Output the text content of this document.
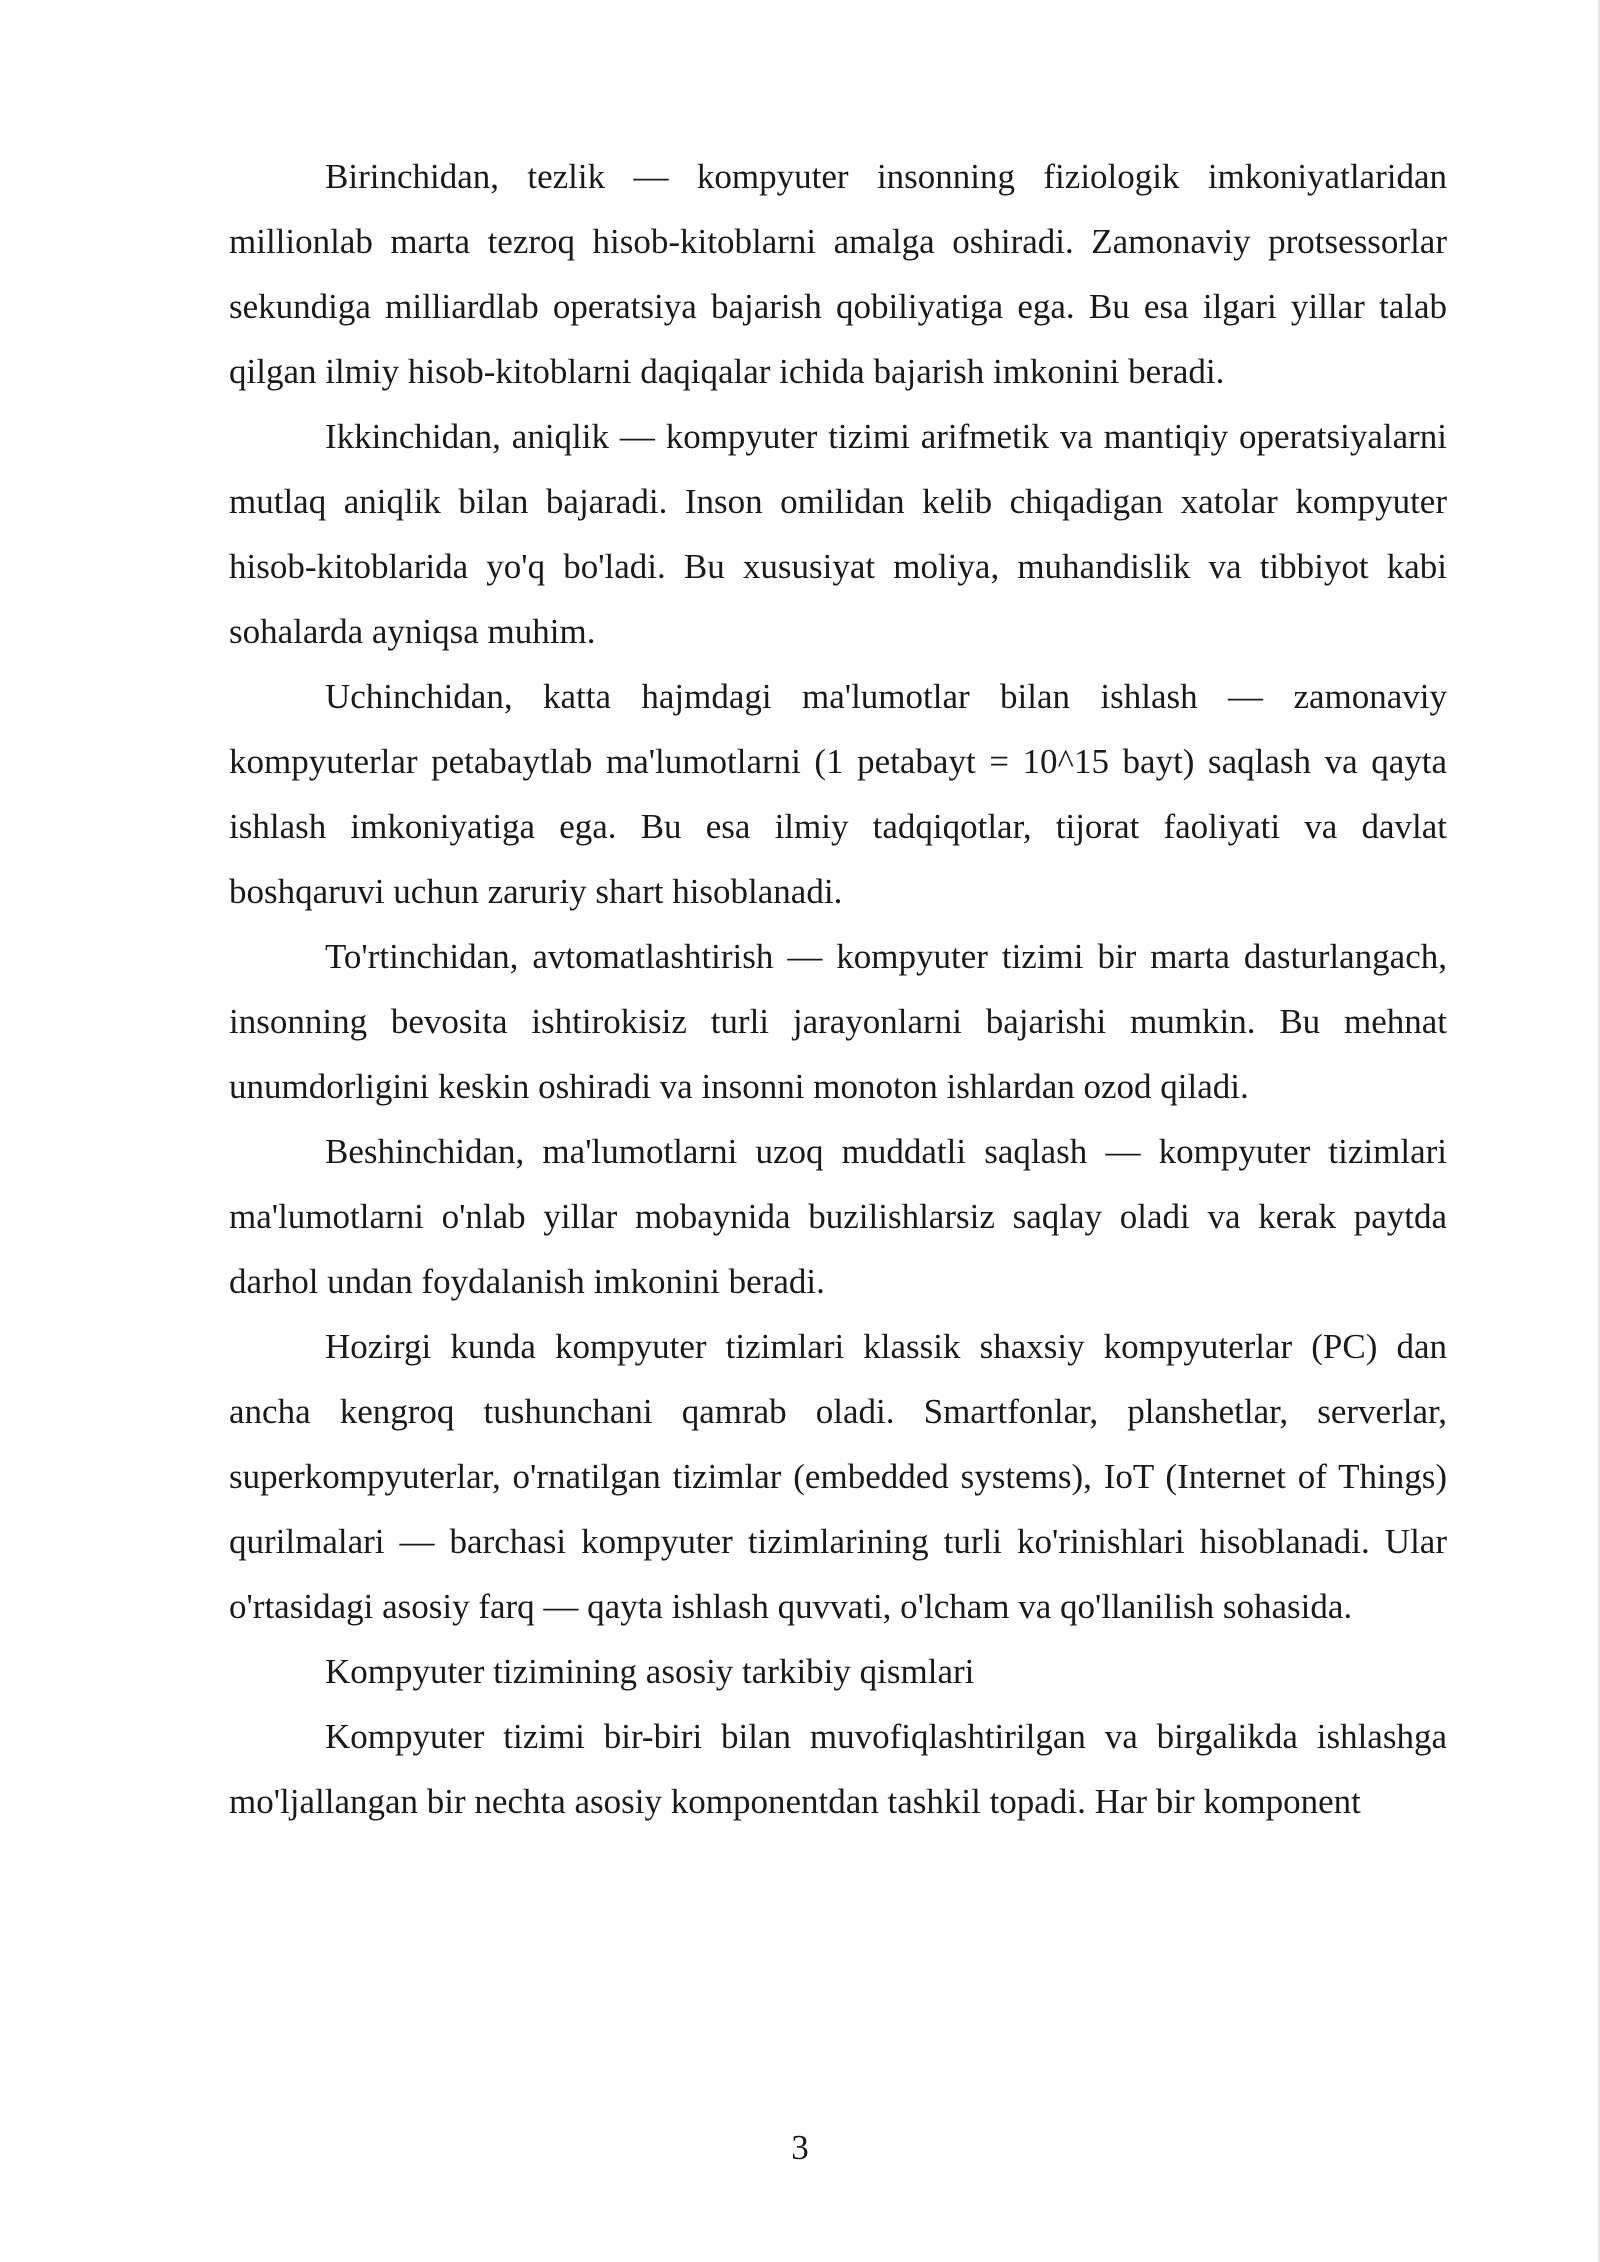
Birinchidan, tezlik — kompyuter insonning fiziologik imkoniyatlaridan millionlab marta tezroq hisob-kitoblarni amalga oshiradi. Zamonaviy protsessorlar sekundiga milliardlab operatsiya bajarish qobiliyatiga ega. Bu esa ilgari yillar talab qilgan ilmiy hisob-kitoblarni daqiqalar ichida bajarish imkonini beradi.

Ikkinchidan, aniqlik — kompyuter tizimi arifmetik va mantiqiy operatsiyalarni mutlaq aniqlik bilan bajaradi. Inson omilidan kelib chiqadigan xatolar kompyuter hisob-kitoblarida yo'q bo'ladi. Bu xususiyat moliya, muhandislik va tibbiyot kabi sohalarda ayniqsa muhim.

Uchinchidan, katta hajmdagi ma'lumotlar bilan ishlash — zamonaviy kompyuterlar petabaytlab ma'lumotlarni (1 petabayt = 10^15 bayt) saqlash va qayta ishlash imkoniyatiga ega. Bu esa ilmiy tadqiqotlar, tijorat faoliyati va davlat boshqaruvi uchun zaruriy shart hisoblanadi.

To'rtinchidan, avtomatlashtirish — kompyuter tizimi bir marta dasturlangach, insonning bevosita ishtirokisiz turli jarayonlarni bajarishi mumkin. Bu mehnat unumdorligini keskin oshiradi va insonni monoton ishlardan ozod qiladi.

Beshinchidan, ma'lumotlarni uzoq muddatli saqlash — kompyuter tizimlari ma'lumotlarni o'nlab yillar mobaynida buzilishlarsiz saqlay oladi va kerak paytda darhol undan foydalanish imkonini beradi.

Hozirgi kunda kompyuter tizimlari klassik shaxsiy kompyuterlar (PC) dan ancha kengroq tushunchani qamrab oladi. Smartfonlar, planshetlar, serverlar, superkompyuterlar, o'rnatilgan tizimlar (embedded systems), IoT (Internet of Things) qurilmalari — barchasi kompyuter tizimlarining turli ko'rinishlari hisoblanadi. Ular o'rtasidagi asosiy farq — qayta ishlash quvvati, o'lcham va qo'llanilish sohasida.

Kompyuter tizimining asosiy tarkibiy qismlari

Kompyuter tizimi bir-biri bilan muvofiqlashtirilgan va birgalikda ishlashga mo'ljallangan bir nechta asosiy komponentdan tashkil topadi. Har bir komponent

3
